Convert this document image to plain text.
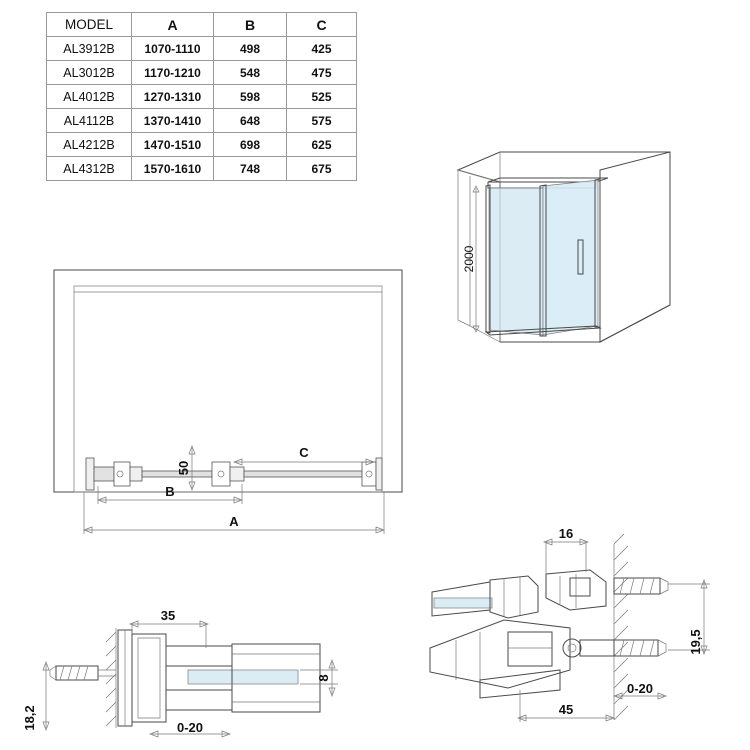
MODEL	A	B	C
AL3912B	1070-1110	498	425
AL3012B	1170-1210	548	475
AL4012B	1270-1310	598	525
AL4112B	1370-1410	648	575
AL4212B	1470-1510	698	625
AL4312B	1570-1610	748	675
2000
50
C
B
A
35
0-20
8
18,2
16
19,5
0-20
45
